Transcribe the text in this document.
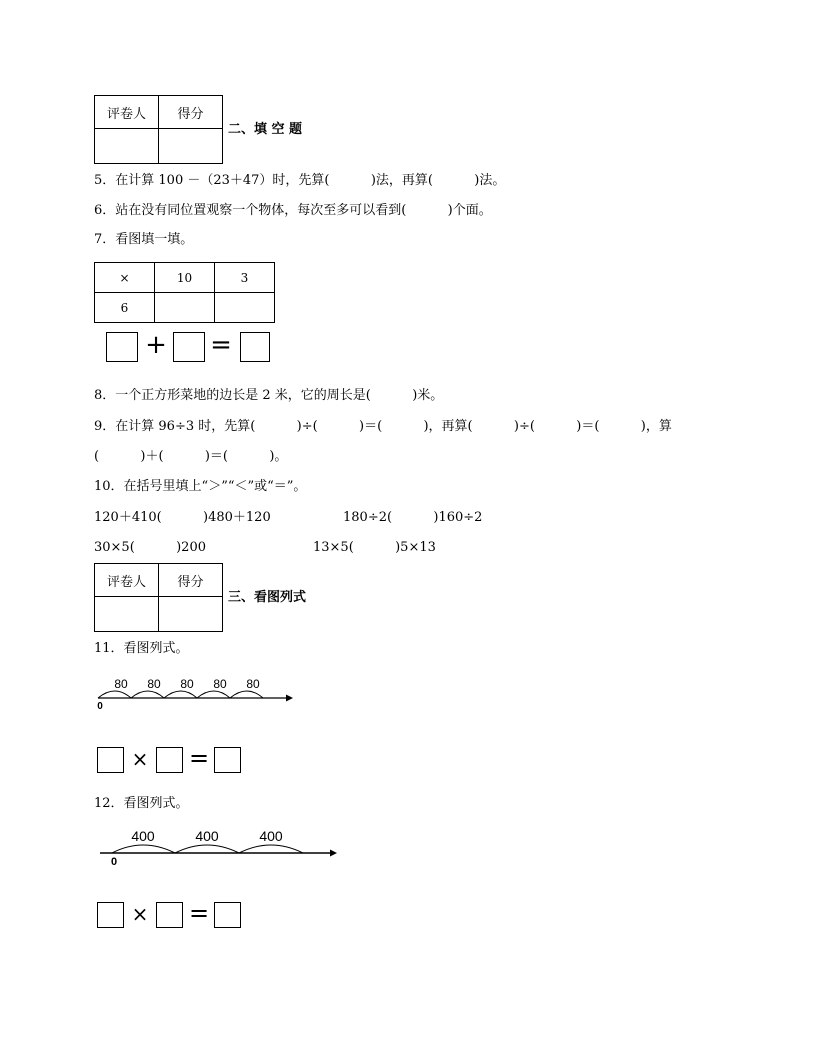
评卷人	得分

二、填 空 题
5．在计算 100 －（23＋47）时，先算(          )法，再算(          )法。
6．站在没有同位置观察一个物体，每次至多可以看到(          )个面。
7．看图填一填。
×	10	3
6		
+ =
8．一个正方形菜地的边长是 2 米，它的周长是(          )米。
9．在计算 96÷3 时，先算(          )÷(          )＝(          )，再算(          )÷(          )＝(          )，算
(          )＋(          )＝(          )。
10．在括号里填上“＞”“＜”或“＝”。
120＋410(          )480＋120	180÷2(          )160÷2
30×5(          )200	13×5(          )5×13
评卷人	得分

三、看图列式
11．看图列式。
80 80 80 80 80
0
× =
12．看图列式。
400	400	400
0
× =
